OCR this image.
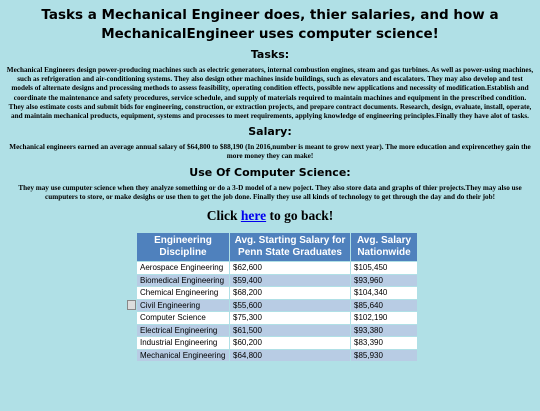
Tasks a Mechanical Engineer does, thier salaries, and how a MechanicalEngineer uses computer science!
Tasks:

Mechanical Engineers design power-producing machines such as electric generators, internal combustion engines, steam and gas turbines. As well as power-using machines, such as refrigeration and air-conditioning systems. They also design other machines inside buildings, such as elevators and escalators. They may also develop and test models of alternate designs and processing methods to assess feasibility, operating condition effects, possible new applications and necessity of modification.Establish and coordinate the maintenance and safety procedures, service schedule, and supply of materials required to maintain machines and equipment in the prescribed condition. They also estimate costs and submit bids for engineering, construction, or extraction projects, and prepare contract documents. Research, design, evaluate, install, operate, and maintain mechanical products, equipment, systems and processes to meet requirements, applying knowledge of engineering principles.Finally they have alot of tasks.

Salary:

Mechanical engineers earned an average annual salary of $64,800 to $88,190 (In 2016,number is meant to grow next year). The more education and expirencethey gain the more money they can make!

Use Of Computer Science:

They may use cumputer science when they analyze something or do a 3-D model of a new poject. They also store data and graphs of thier projects.They may also use cumputers to store, or make desighs or use then to get the job done. Finally they use all kinds of technology to get through the day and do their job!

Click here to go back!
Engineering Discipline	Avg. Starting Salary for Penn State Graduates	Avg. Salary Nationwide
Aerospace Engineering	$62,600	$105,450
Biomedical Engineering	$59,400	$93,960
Chemical Engineering	$68,200	$104,340
Civil Engineering	$55,600	$85,640
Computer Science	$75,300	$102,190
Electrical Engineering	$61,500	$93,380
Industrial Engineering	$60,200	$83,390
Mechanical Engineering	$64,800	$85,930
